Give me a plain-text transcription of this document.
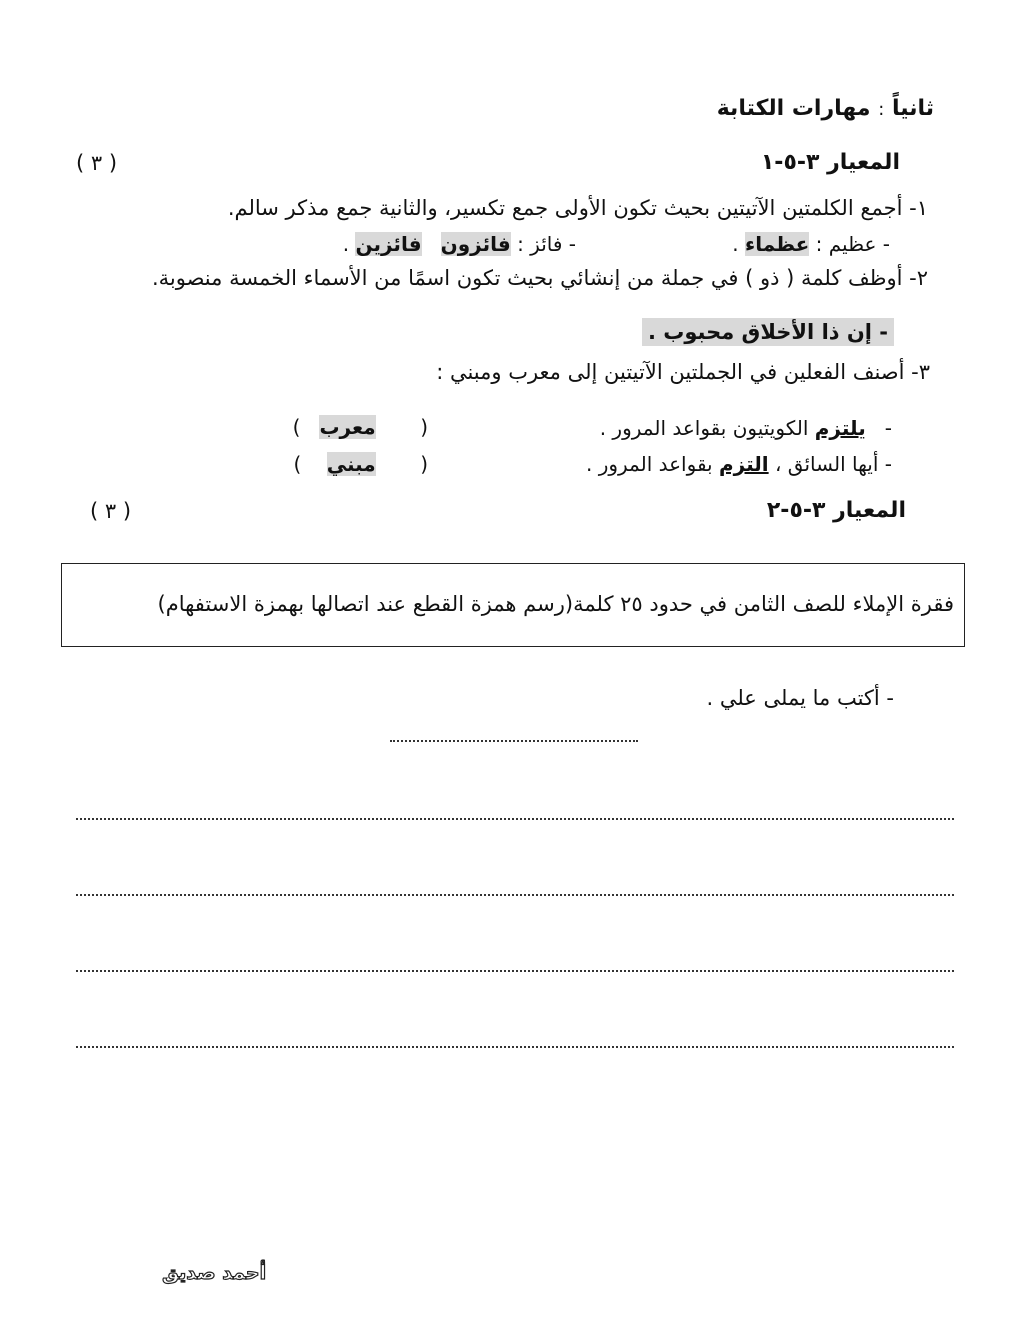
ثانياً : مهارات الكتابة
المعيار ٣-٥-١
( ٣ )
١- أجمع الكلمتين الآتيتين بحيث تكون الأولى جمع تكسير، والثانية جمع مذكر سالم.
- عظيم : عظماء .
- فائز : فائزون   فائزين .
٢- أوظف كلمة ( ذو ) في جملة من إنشائي بحيث تكون اسمًا من الأسماء الخمسة منصوبة.
- إن ذا الأخلاق محبوب .
٣- أصنف الفعلين في الجملتين الآتيتين إلى معرب ومبني :
-   يلتزم الكويتيون بقواعد المرور .
(       معرب   )
- أيها السائق ، التزم بقواعد المرور .
(       مبني    )
المعيار ٣-٥-٢
( ٣ )
فقرة الإملاء للصف الثامن في حدود ٢٥ كلمة(رسم همزة القطع عند اتصالها بهمزة الاستفهام)
- أكتب ما يملى علي .
أحمد صديق
